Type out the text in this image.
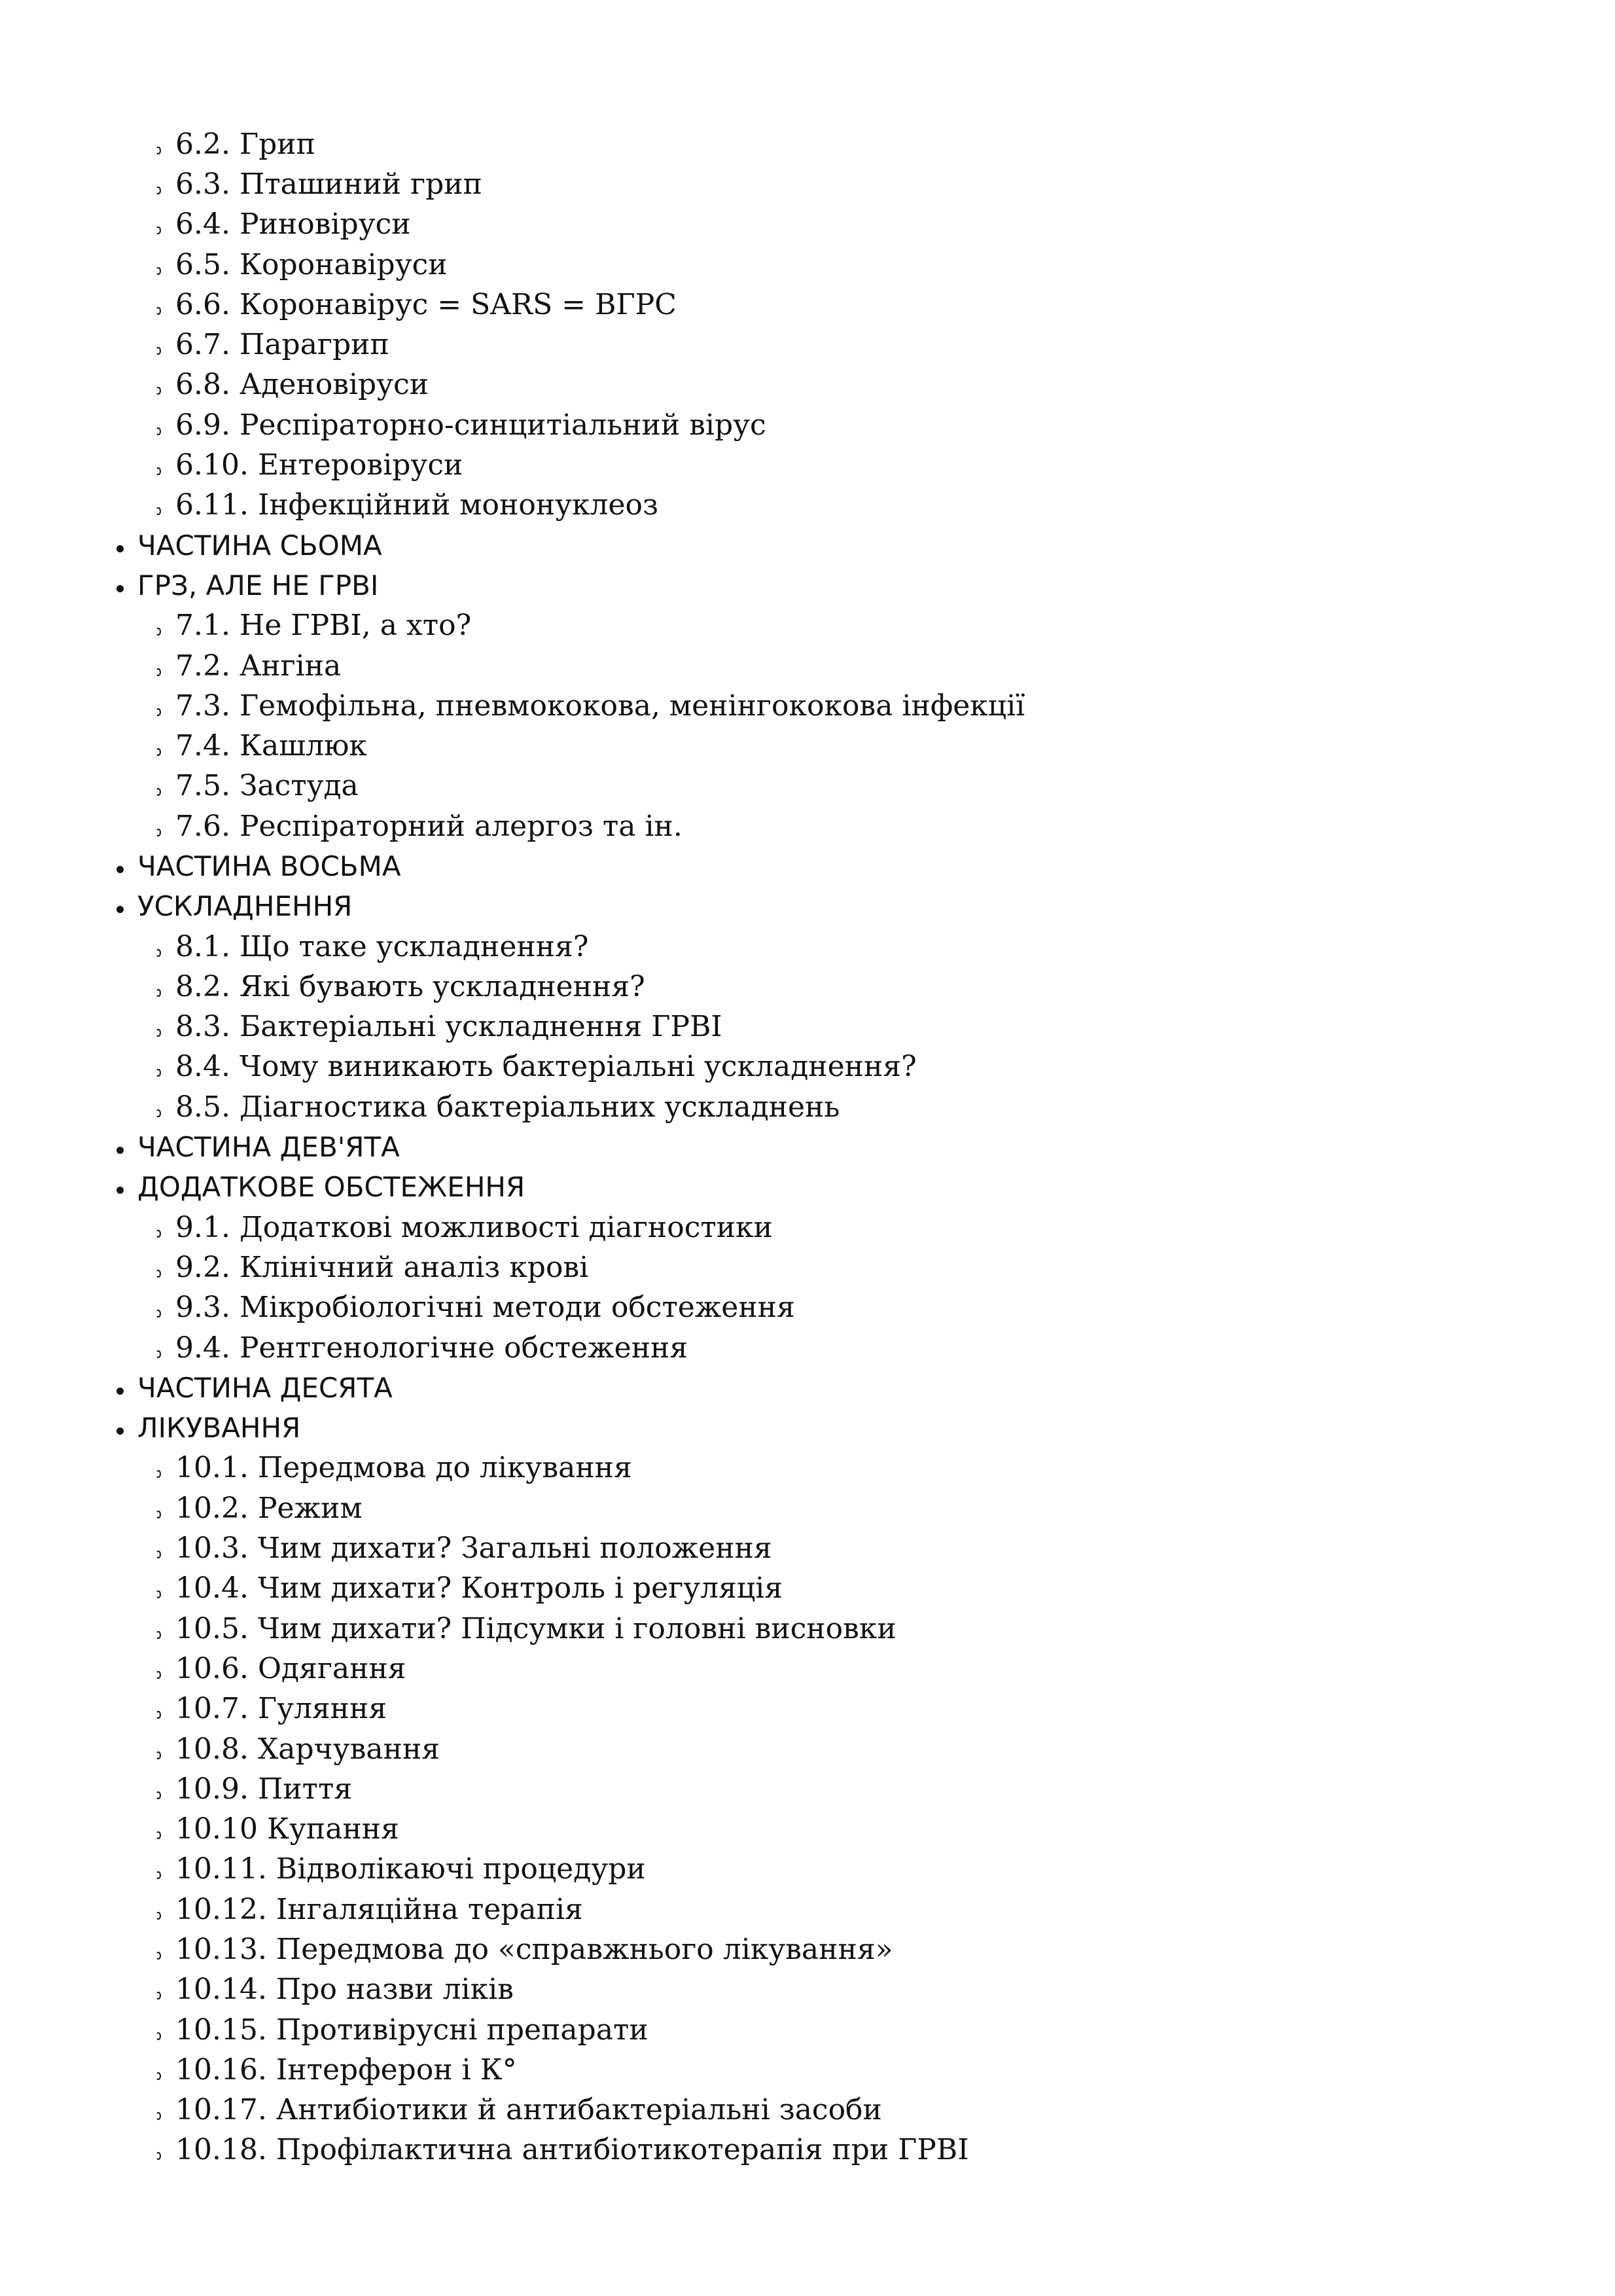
6.2. Грип
6.3. Пташиний грип
6.4. Риновіруси
6.5. Коронавіруси
6.6. Коронавірус = SARS = ВГРС
6.7. Парагрип
6.8. Аденовіруси
6.9. Респіраторно-синцитіальний вірус
6.10. Ентеровіруси
6.11. Інфекційний мононуклеоз
ЧАСТИНА СЬОМА
ГРЗ, АЛЕ НЕ ГРВІ
7.1. Не ГРВІ, а хто?
7.2. Ангіна
7.3. Гемофільна, пневмококова, менінгококова інфекції
7.4. Кашлюк
7.5. Застуда
7.6. Респіраторний алергоз та ін.
ЧАСТИНА ВОСЬМА
УСКЛАДНЕННЯ
8.1. Що таке ускладнення?
8.2. Які бувають ускладнення?
8.3. Бактеріальні ускладнення ГРВІ
8.4. Чому виникають бактеріальні ускладнення?
8.5. Діагностика бактеріальних ускладнень
ЧАСТИНА ДЕВ'ЯТА
ДОДАТКОВЕ ОБСТЕЖЕННЯ
9.1. Додаткові можливості діагностики
9.2. Клінічний аналіз крові
9.3. Мікробіологічні методи обстеження
9.4. Рентгенологічне обстеження
ЧАСТИНА ДЕСЯТА
ЛІКУВАННЯ
10.1. Передмова до лікування
10.2. Режим
10.3. Чим дихати? Загальні положення
10.4. Чим дихати? Контроль і регуляція
10.5. Чим дихати? Підсумки і головні висновки
10.6. Одягання
10.7. Гуляння
10.8. Харчування
10.9. Пиття
10.10 Купання
10.11. Відволікаючі процедури
10.12. Інгаляційна терапія
10.13. Передмова до «справжнього лікування»
10.14. Про назви ліків
10.15. Противірусні препарати
10.16. Інтерферон і К°
10.17. Антибіотики й антибактеріальні засоби
10.18. Профілактична антибіотикотерапія при ГРВІ
